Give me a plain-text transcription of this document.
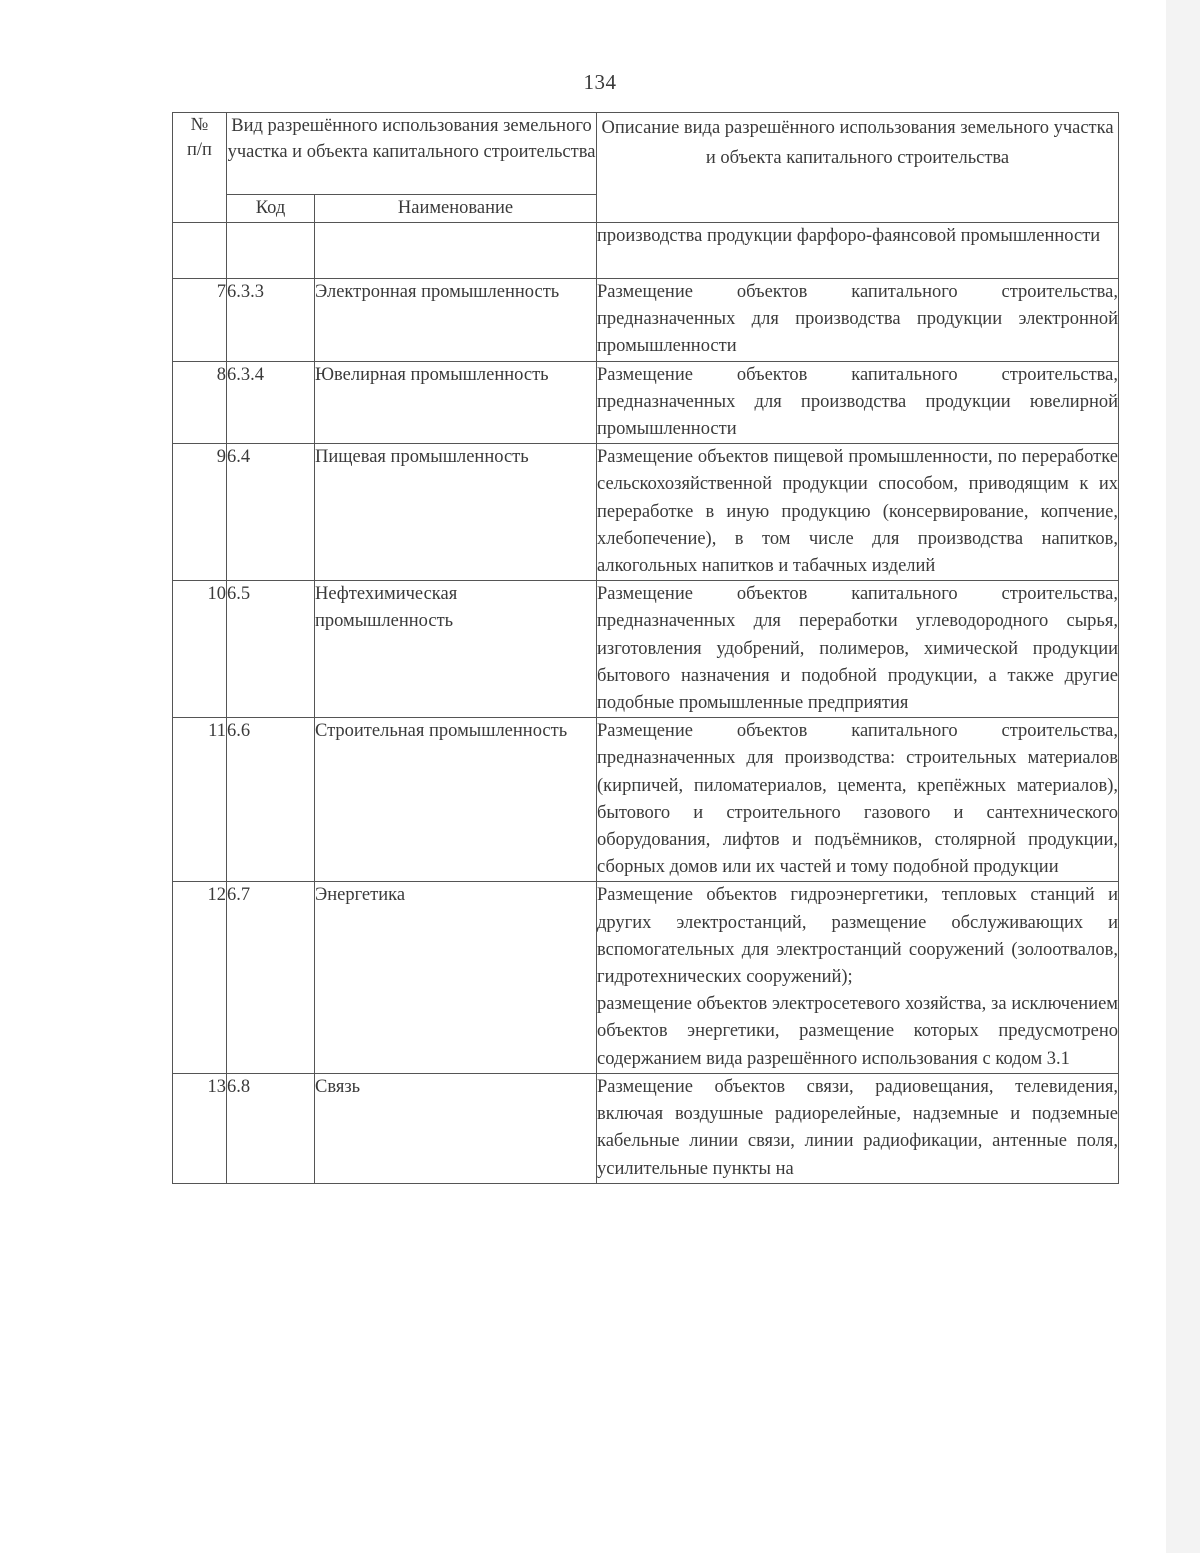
134
№ п/п	Вид разрешённого использования земельного участка и объекта капитального строительства		Описание вида разрешённого использования земельного участка и объекта капитального строительства
	Код	Наименование	

			производства продукции фарфоро-фаянсовой промышленности

7	6.3.3	Электронная промышленность	Размещение объектов капитального строительства, предназначенных для производства продукции электронной промышленности

8	6.3.4	Ювелирная промышленность	Размещение объектов капитального строительства, предназначенных для производства продукции ювелирной промышленности

9	6.4	Пищевая промышленность	Размещение объектов пищевой промышленности, по переработке сельскохозяйственной продукции способом, приводящим к их переработке в иную продукцию (консервирование, копчение, хлебопечение), в том числе для производства напитков, алкогольных напитков и табачных изделий

10	6.5	Нефтехимическая промышленность	Размещение объектов капитального строительства, предназначенных для переработки углеводородного сырья, изготовления удобрений, полимеров, химической продукции бытового назначения и подобной продукции, а также другие подобные промышленные предприятия

11	6.6	Строительная промышленность	Размещение объектов капитального строительства, предназначенных для производства: строительных материалов (кирпичей, пиломатериалов, цемента, крепёжных материалов), бытового и строительного газового и сантехнического оборудования, лифтов и подъёмников, столярной продукции, сборных домов или их частей и тому подобной продукции

12	6.7	Энергетика	Размещение объектов гидроэнергетики, тепловых станций и других электростанций, размещение обслуживающих и вспомогательных для электростанций сооружений (золоотвалов, гидротехнических сооружений);

размещение объектов электросетевого хозяйства, за исключением объектов энергетики, размещение которых предусмотрено содержанием вида разрешённого использования с кодом 3.1

13	6.8	Связь	Размещение объектов связи, радиовещания, телевидения, включая воздушные радиорелейные, надземные и подземные кабельные линии связи, линии радиофикации, антенные поля, усилительные пункты на
